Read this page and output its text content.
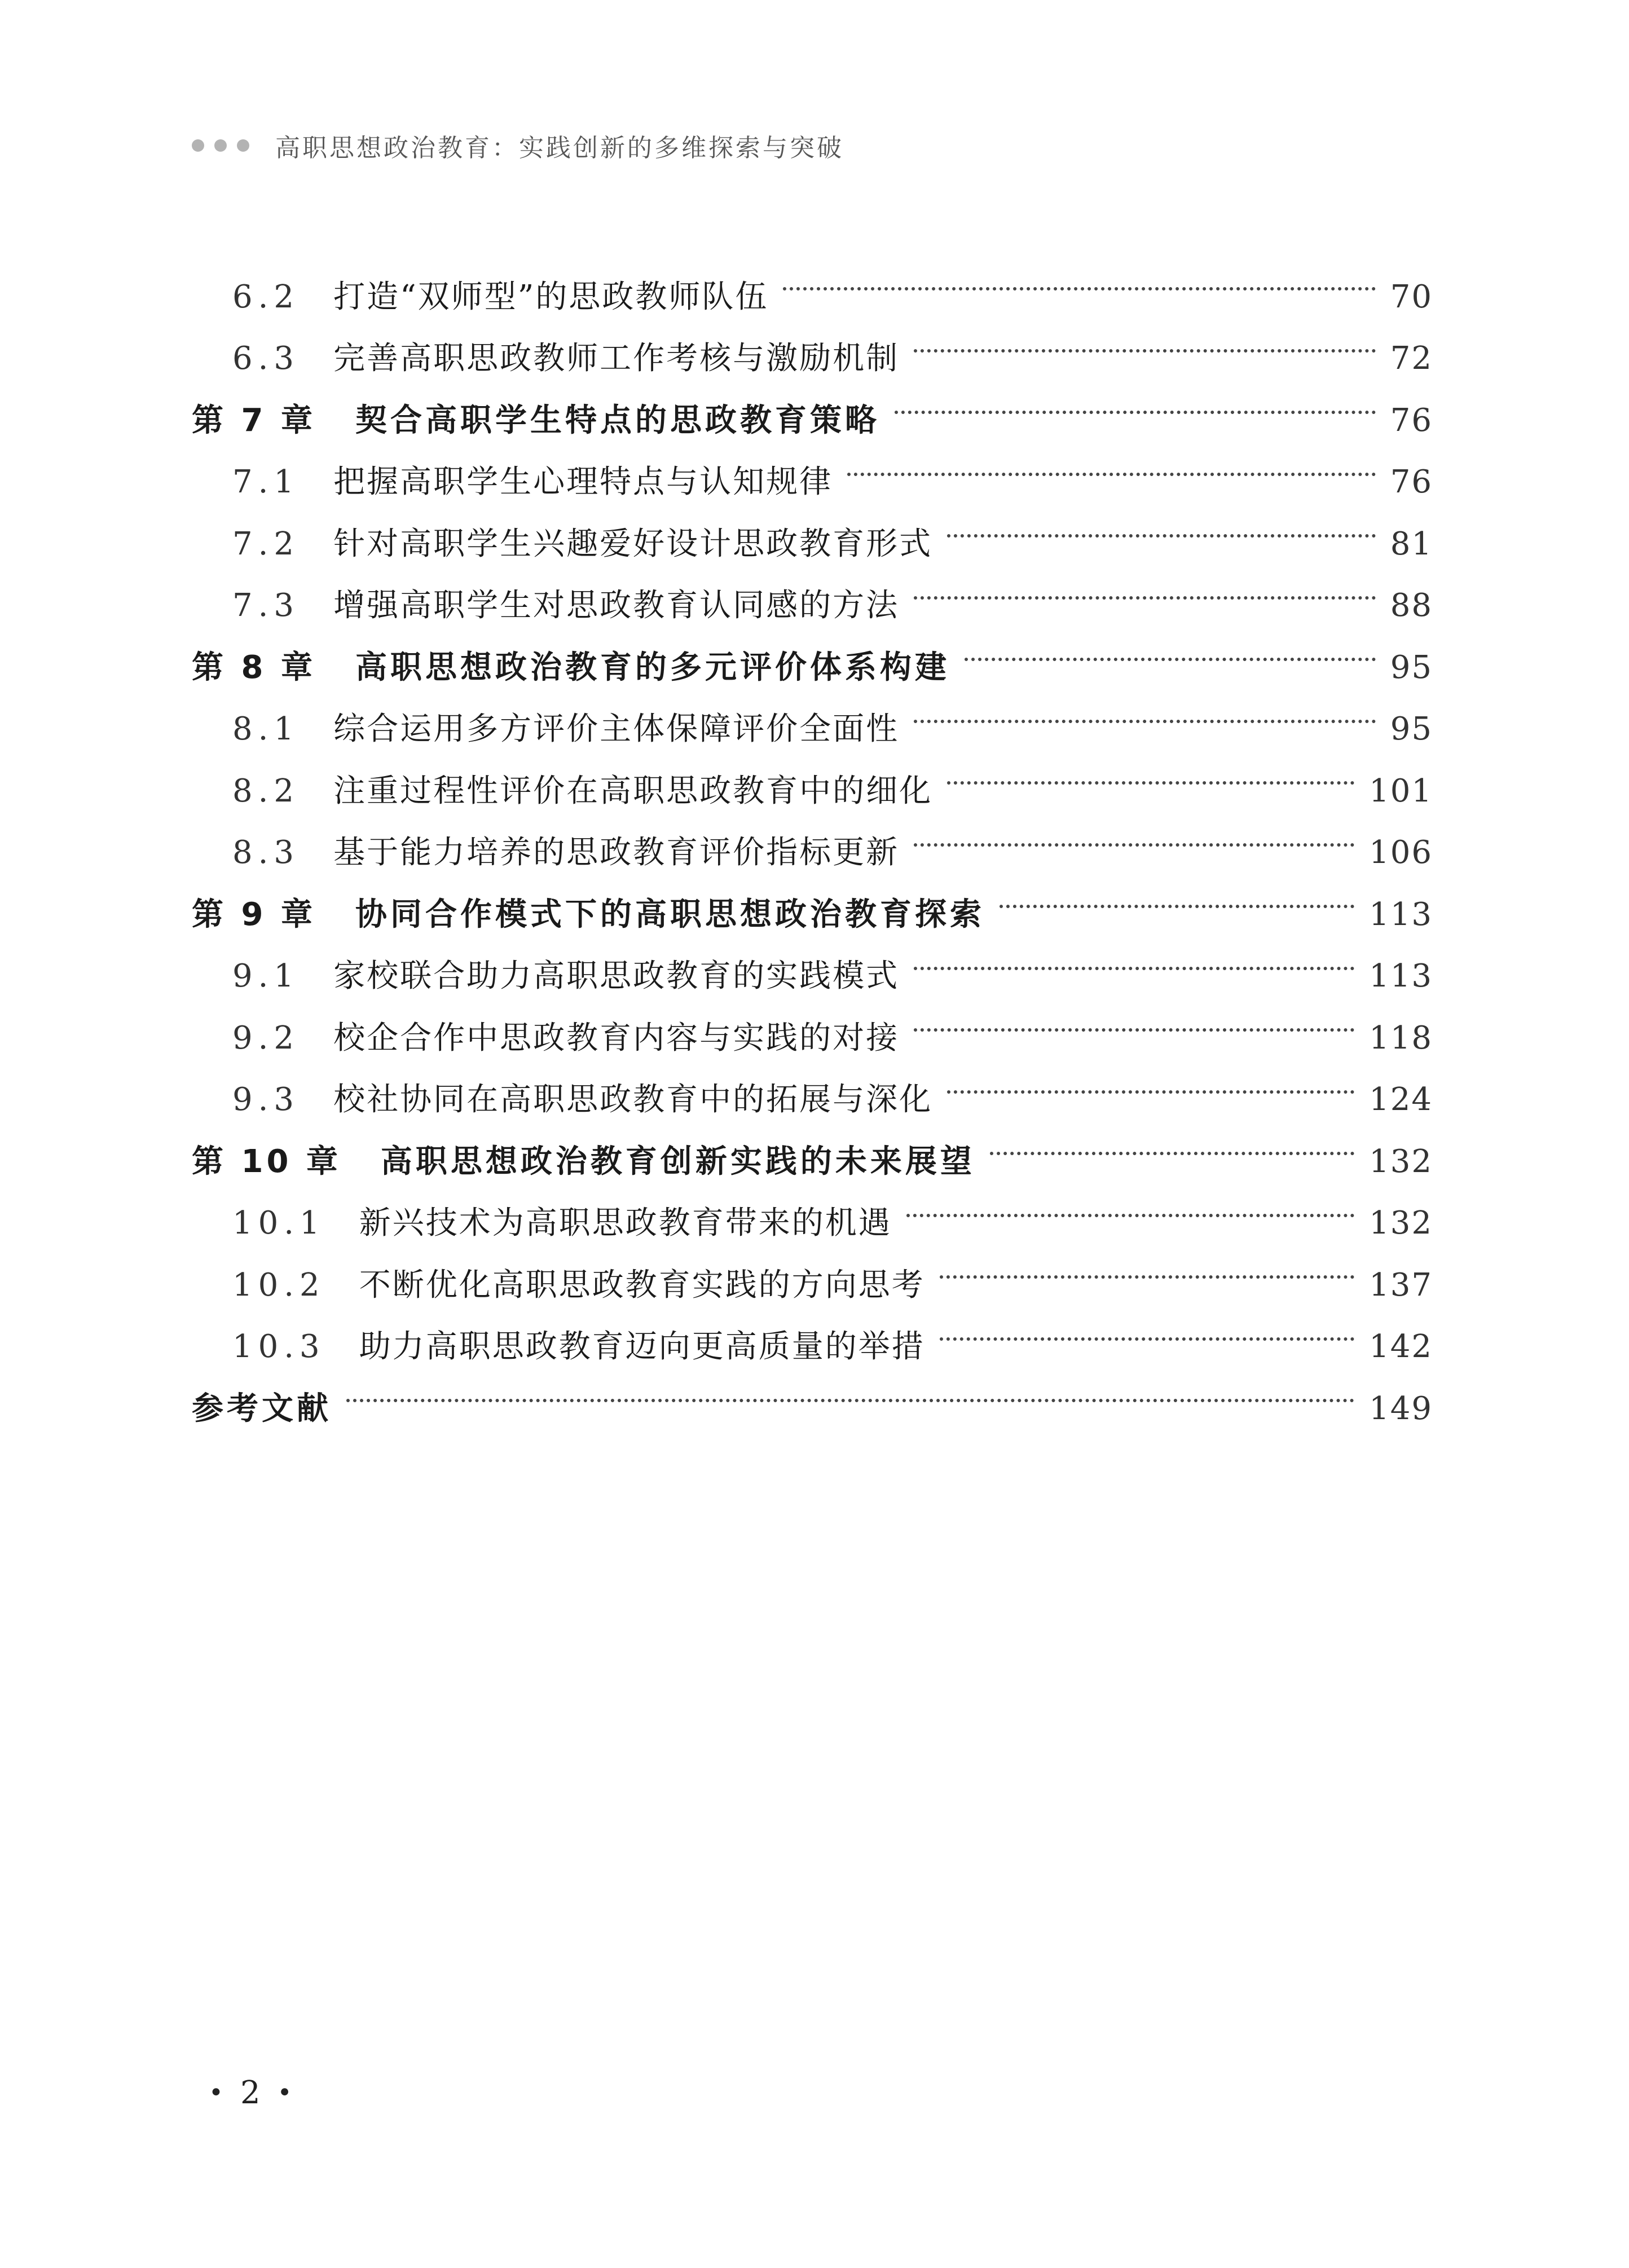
高职思想政治教育：实践创新的多维探索与突破
6.2 打造“双师型”的思政教师队伍	70
6.3 完善高职思政教师工作考核与激励机制	72
第 7 章 契合高职学生特点的思政教育策略	76
7.1 把握高职学生心理特点与认知规律	76
7.2 针对高职学生兴趣爱好设计思政教育形式	81
7.3 增强高职学生对思政教育认同感的方法	88
第 8 章 高职思想政治教育的多元评价体系构建	95
8.1 综合运用多方评价主体保障评价全面性	95
8.2 注重过程性评价在高职思政教育中的细化	101
8.3 基于能力培养的思政教育评价指标更新	106
第 9 章 协同合作模式下的高职思想政治教育探索	113
9.1 家校联合助力高职思政教育的实践模式	113
9.2 校企合作中思政教育内容与实践的对接	118
9.3 校社协同在高职思政教育中的拓展与深化	124
第 10 章 高职思想政治教育创新实践的未来展望	132
10.1 新兴技术为高职思政教育带来的机遇	132
10.2 不断优化高职思政教育实践的方向思考	137
10.3 助力高职思政教育迈向更高质量的举措	142
参考文献	149
• 2 •
